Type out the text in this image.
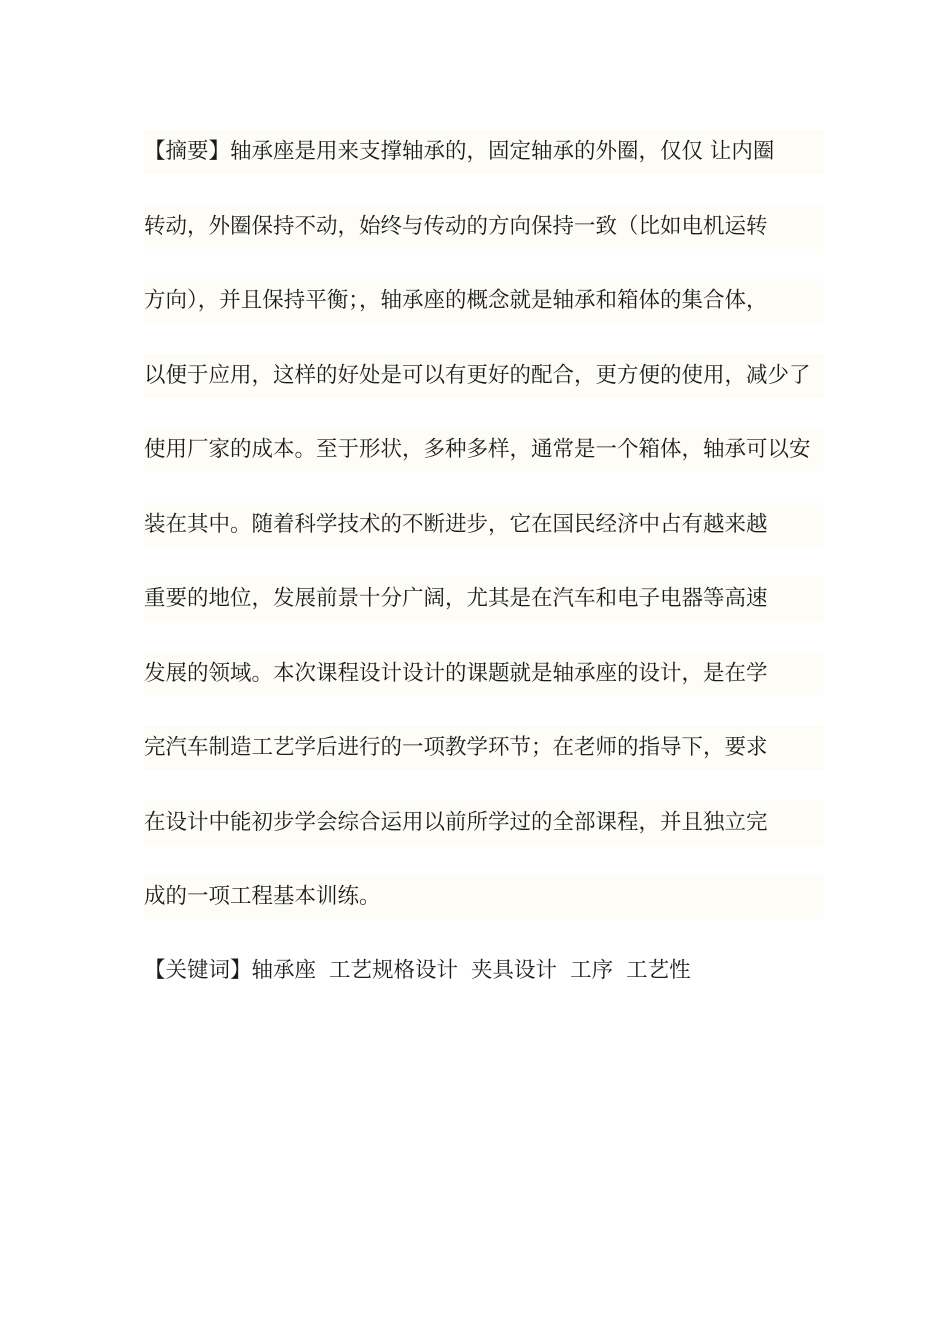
【摘要】轴承座是用来支撑轴承的，固定轴承的外圈，仅仅 让内圈
转动，外圈保持不动，始终与传动的方向保持一致（比如电机运转
方向），并且保持平衡；，轴承座的概念就是轴承和箱体的集合体，
以便于应用，这样的好处是可以有更好的配合，更方便的使用，减少了
使用厂家的成本。至于形状，多种多样，通常是一个箱体，轴承可以安
装在其中。随着科学技术的不断进步，它在国民经济中占有越来越
重要的地位，发展前景十分广阔，尤其是在汽车和电子电器等高速
发展的领域。本次课程设计设计的课题就是轴承座的设计，是在学
完汽车制造工艺学后进行的一项教学环节；在老师的指导下，要求
在设计中能初步学会综合运用以前所学过的全部课程，并且独立完
成的一项工程基本训练。
【关键词】轴承座 工艺规格设计 夹具设计 工序 工艺性
